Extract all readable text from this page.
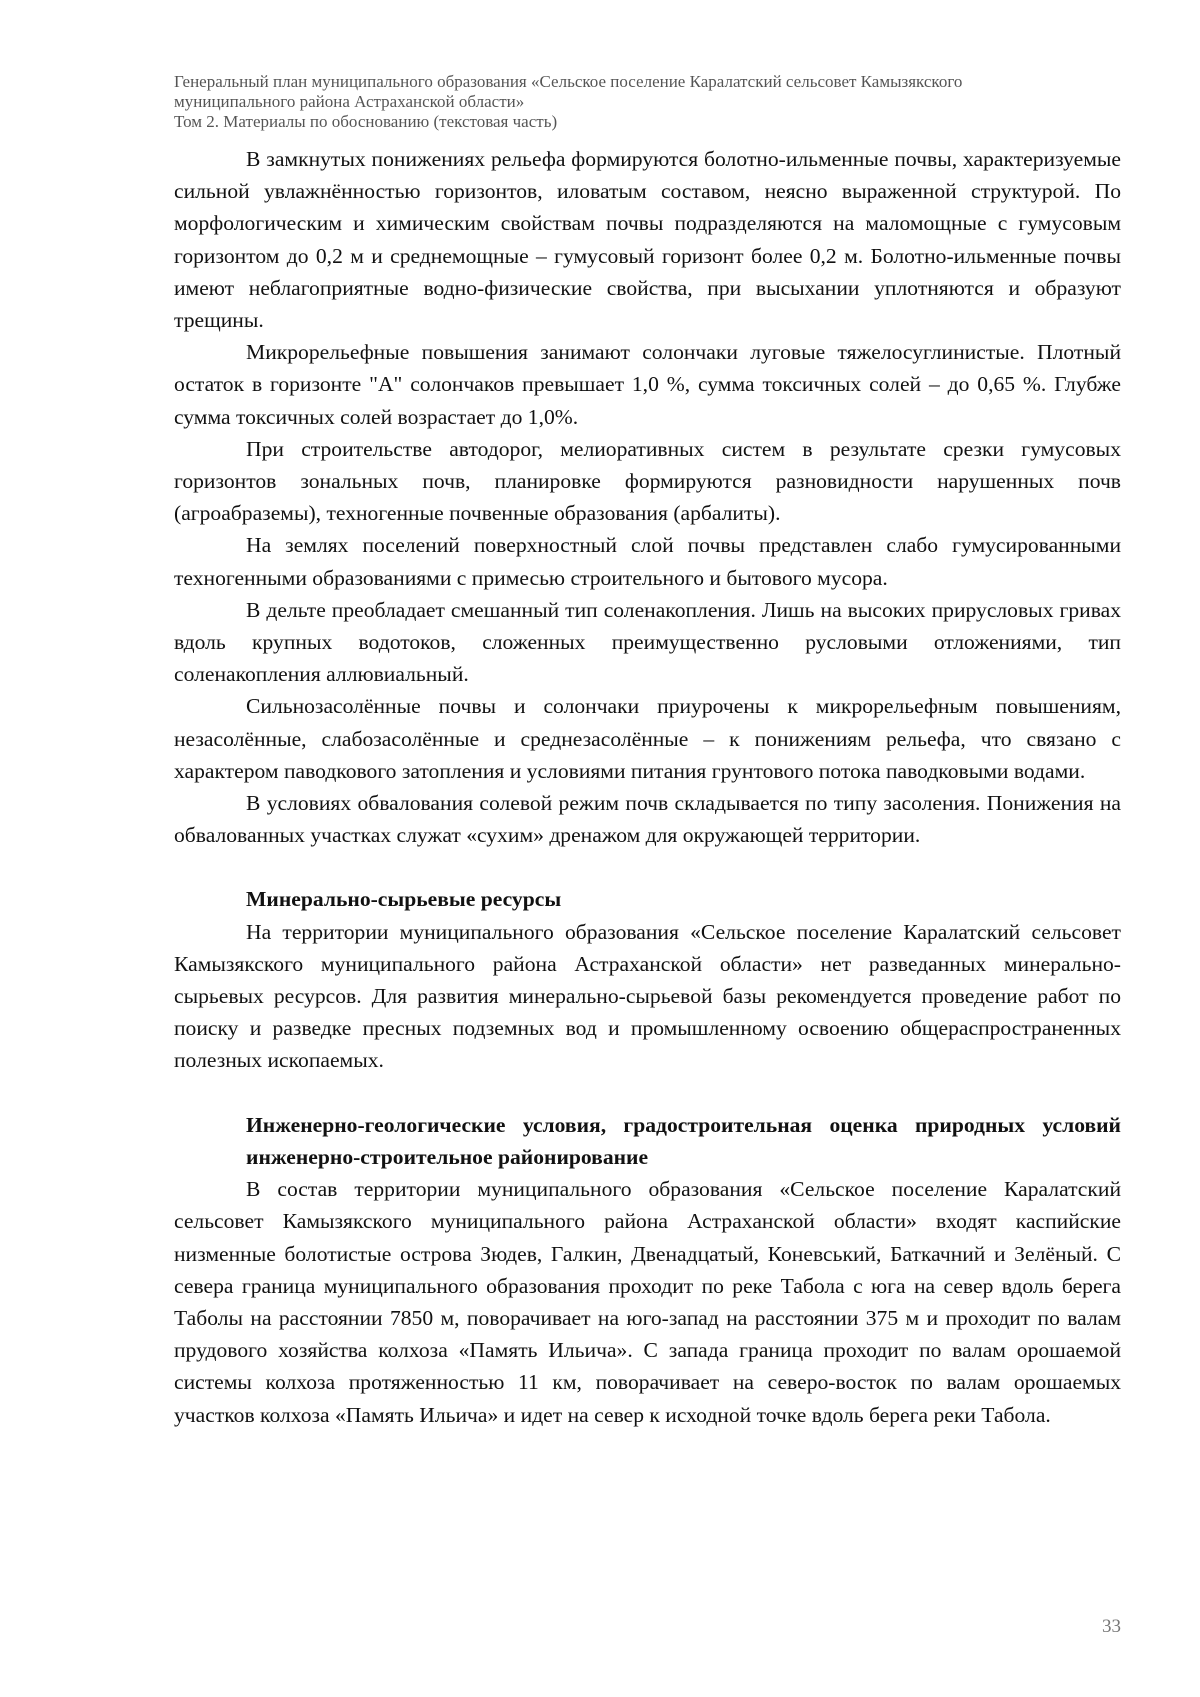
Генеральный план муниципального образования «Сельское поселение Каралатский сельсовет Камызякского
муниципального района Астраханской области»
Том 2. Материалы по обоснованию (текстовая часть)

В замкнутых понижениях рельефа формируются болотно-ильменные почвы, характеризуемые сильной увлажнённостью горизонтов, иловатым составом, неясно выраженной структурой. По морфологическим и химическим свойствам почвы подразделяются на маломощные с гумусовым горизонтом до 0,2 м и среднемощные – гумусовый горизонт более 0,2 м. Болотно-ильменные почвы имеют неблагоприятные водно-физические свойства, при высыхании уплотняются и образуют трещины.

Микрорельефные повышения занимают солончаки луговые тяжелосуглинистые. Плотный остаток в горизонте "А" солончаков превышает 1,0 %, сумма токсичных солей – до 0,65 %. Глубже сумма токсичных солей возрастает до 1,0%.

При строительстве автодорог, мелиоративных систем в результате срезки гумусовых горизонтов зональных почв, планировке формируются разновидности нарушенных почв (агроабраземы), техногенные почвенные образования (арбалиты).

На землях поселений поверхностный слой почвы представлен слабо гумусированными техногенными образованиями с примесью строительного и бытового мусора.

В дельте преобладает смешанный тип соленакопления. Лишь на высоких прирусловых гривах вдоль крупных водотоков, сложенных преимущественно русловыми отложениями, тип соленакопления аллювиальный.

Сильнозасолённые почвы и солончаки приурочены к микрорельефным повышениям, незасолённые, слабозасолённые и среднезасолённые – к понижениям рельефа, что связано с характером паводкового затопления и условиями питания грунтового потока паводковыми водами.

В условиях обвалования солевой режим почв складывается по типу засоления. Понижения на обвалованных участках служат «сухим» дренажом для окружающей территории.

Минерально-сырьевые ресурсы

На территории муниципального образования «Сельское поселение Каралатский сельсовет Камызякского муниципального района Астраханской области» нет разведанных минерально-сырьевых ресурсов. Для развития минерально-сырьевой базы рекомендуется проведение работ по поиску и разведке пресных подземных вод и промышленному освоению общераспространенных полезных ископаемых.

Инженерно-геологические условия, градостроительная оценка природных условий инженерно-строительное районирование

В состав территории муниципального образования «Сельское поселение Каралатский сельсовет Камызякского муниципального района Астраханской области» входят каспийские низменные болотистые острова Зюдев, Галкин, Двенадцатый, Коневський, Баткачний и Зелёный. С севера граница муниципального образования проходит по реке Табола с юга на север вдоль берега Таболы на расстоянии 7850 м, поворачивает на юго-запад на расстоянии 375 м и проходит по валам прудового хозяйства колхоза «Память Ильича». С запада граница проходит по валам орошаемой системы колхоза протяженностью 11 км, поворачивает на северо-восток по валам орошаемых участков колхоза «Память Ильича» и идет на север к исходной точке вдоль берега реки Табола.

33
